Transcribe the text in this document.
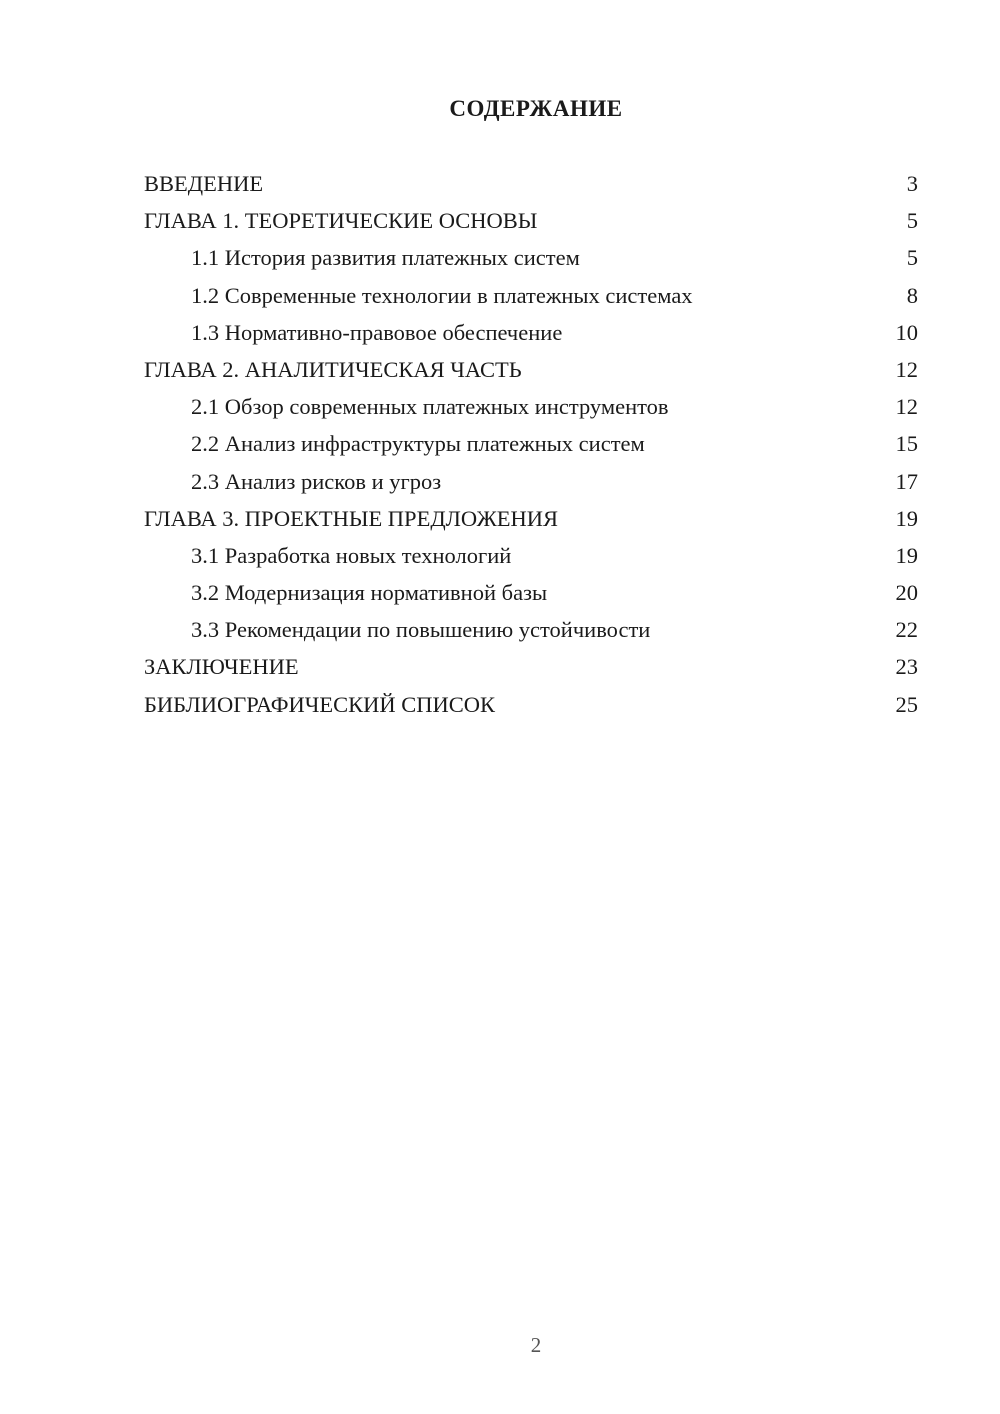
СОДЕРЖАНИЕ
ВВЕДЕНИЕ	3
ГЛАВА 1. ТЕОРЕТИЧЕСКИЕ ОСНОВЫ	5
1.1 История развития платежных систем	5
1.2 Современные технологии в платежных системах	8
1.3 Нормативно-правовое обеспечение	10
ГЛАВА 2. АНАЛИТИЧЕСКАЯ ЧАСТЬ	12
2.1 Обзор современных платежных инструментов	12
2.2 Анализ инфраструктуры платежных систем	15
2.3 Анализ рисков и угроз	17
ГЛАВА 3. ПРОЕКТНЫЕ ПРЕДЛОЖЕНИЯ	19
3.1 Разработка новых технологий	19
3.2 Модернизация нормативной базы	20
3.3 Рекомендации по повышению устойчивости	22
ЗАКЛЮЧЕНИЕ	23
БИБЛИОГРАФИЧЕСКИЙ СПИСОК	25
2
